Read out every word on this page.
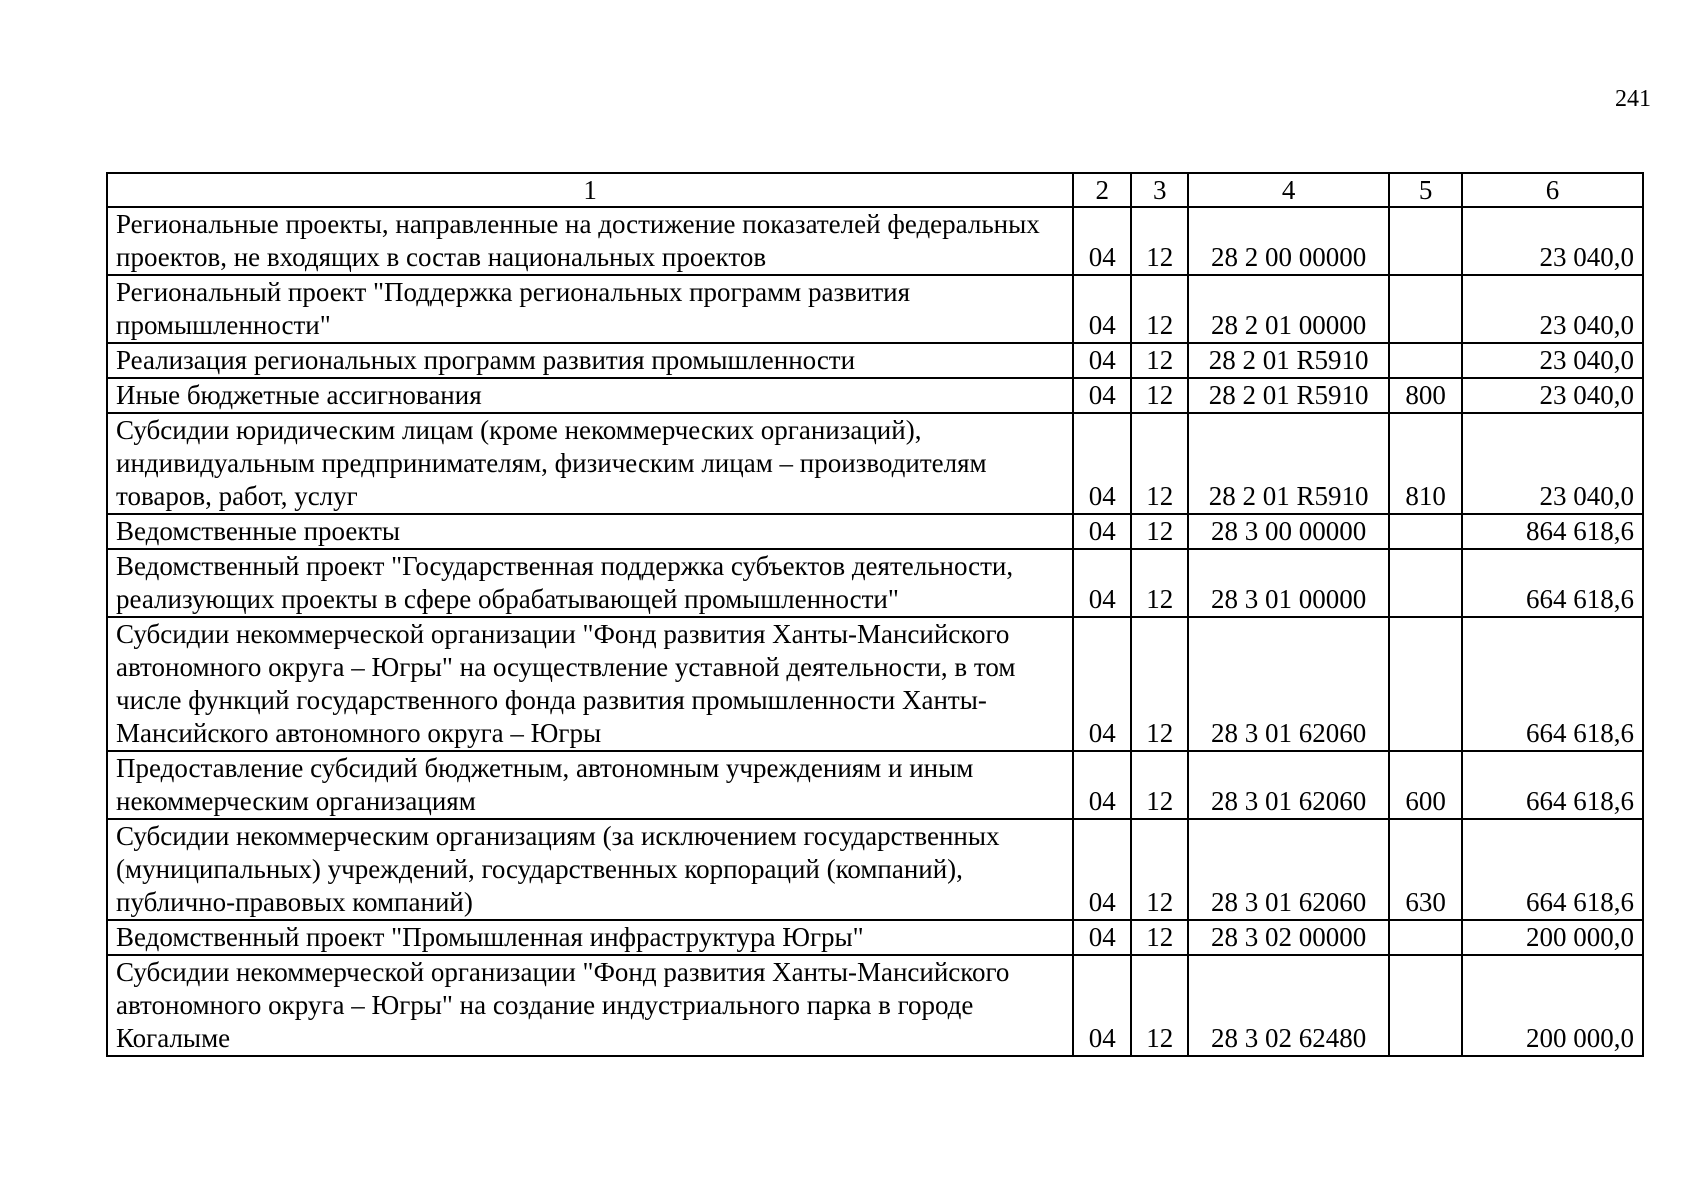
241
1	2	3	4	5	6
Региональные проекты, направленные на достижение показателей федеральных проектов, не входящих в состав национальных проектов	04	12	28 2 00 00000		23 040,0
Региональный проект "Поддержка региональных программ развития промышленности"	04	12	28 2 01 00000		23 040,0
Реализация региональных программ развития промышленности	04	12	28 2 01 R5910		23 040,0
Иные бюджетные ассигнования	04	12	28 2 01 R5910	800	23 040,0
Субсидии юридическим лицам (кроме некоммерческих организаций), индивидуальным предпринимателям, физическим лицам – производителям товаров, работ, услуг	04	12	28 2 01 R5910	810	23 040,0
Ведомственные проекты	04	12	28 3 00 00000		864 618,6
Ведомственный проект "Государственная поддержка субъектов деятельности, реализующих проекты в сфере обрабатывающей промышленности"	04	12	28 3 01 00000		664 618,6
Субсидии некоммерческой организации "Фонд развития Ханты-Мансийского автономного округа – Югры" на осуществление уставной деятельности, в том числе функций государственного фонда развития промышленности Ханты-Мансийского автономного округа – Югры	04	12	28 3 01 62060		664 618,6
Предоставление субсидий бюджетным, автономным учреждениям и иным некоммерческим организациям	04	12	28 3 01 62060	600	664 618,6
Субсидии некоммерческим организациям (за исключением государственных (муниципальных) учреждений, государственных корпораций (компаний), публично-правовых компаний)	04	12	28 3 01 62060	630	664 618,6
Ведомственный проект "Промышленная инфраструктура Югры"	04	12	28 3 02 00000		200 000,0
Субсидии некоммерческой организации "Фонд развития Ханты-Мансийского автономного округа – Югры" на создание индустриального парка в городе Когалыме	04	12	28 3 02 62480		200 000,0
